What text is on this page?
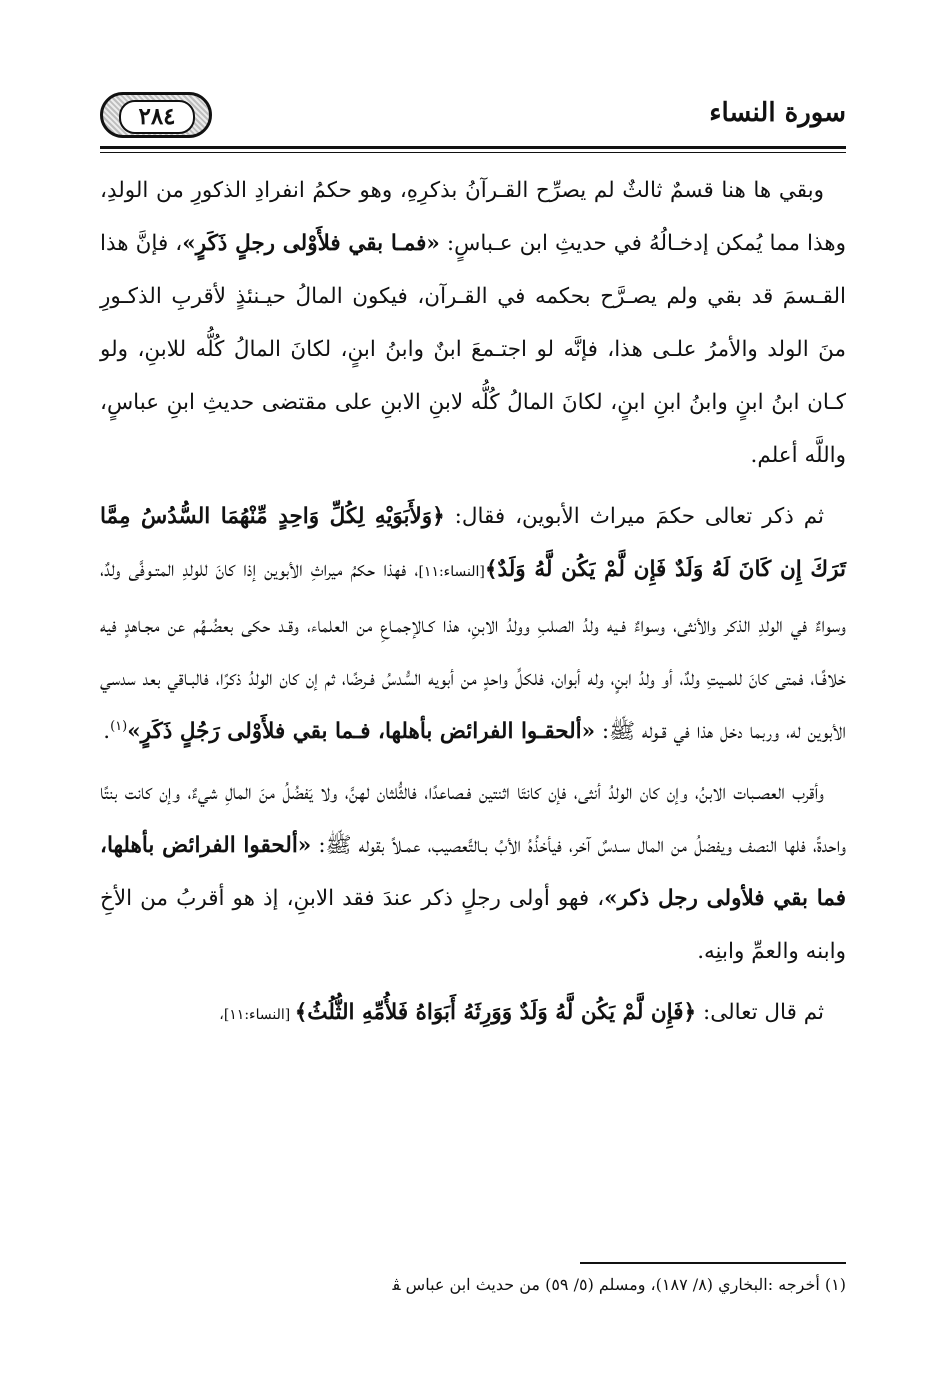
٢٨٤	سورة النساء

وبقي ها هنا قسمٌ ثالثٌ لم يصرِّح القـرآنُ بذكرِهِ، وهو حكمُ انفرادِ الذكورِ من الولدِ، وهذا مما يُمكن إدخـالُهُ في حديثِ ابن عـباسٍ: «فمـا بقي فلأَوْلى رجلٍ ذَكَرٍ»، فإنَّ هذا القـسمَ قد بقي ولم يصـرَّح بحكمه في القـرآن، فيكون المالُ حيـنئذٍ لأقربِ الذكـورِ منَ الولد والأمرُ علـى هذا، فإنَّه لو اجتـمعَ ابنٌ وابنُ ابنٍ، لكانَ المالُ كُلُّه للابنِ، ولو كـان ابنُ ابنٍ وابنُ ابنِ ابنٍ، لكانَ المالُ كُلُّه لابنِ الابنِ على مقتضى حديثِ ابنِ عباسٍ، واللَّه أعلم.

ثم ذكر تعالى حكمَ ميراث الأبوين، فقال: ﴿وَلأَبَوَيْهِ لِكُلِّ وَاحِدٍ مِّنْهُمَا السُّدُسُ مِمَّا تَرَكَ إِن كَانَ لَهُ وَلَدٌ فَإِن لَّمْ يَكُن لَّهُ وَلَدٌ﴾[النساء:١١]، فهذا حكمُ ميراثِ الأبوين إذا كانَ للولدِ المتـوفَّى ولدٌ، وسواءٌ في الولدِ الذكر والأنثى، وسواءٌ فـيه ولدُ الصلبِ وولدُ الابنِ، هذا كـالإجمـاعِ من العلماء، وقـد حكى بعضُـهُم عن مجـاهدٍ فيه خلافًـا، فمتى كانَ للمـيتِ ولدٌ، أو ولدُ ابنٍ، وله أبوان، فلكلِّ واحدٍ من أبويه السُّدسُ فـرضًا، ثم إن كان الولدُ ذكرًا، فالبـاقي بعد سدسي الأبوين له، وربما دخل هذا في قـوله ﷺ: «ألحقـوا الفرائض بأهلها، فـما بقي فلأَوْلى رَجُلٍ ذَكَرٍ»$^{(١)}$.

وأقرب العصـبات الابنُ، وإن كان الولدُ أنثى، فإن كانتَا اثنتين فـصاعدًا، فالثُّلثان لهنَّ، ولا يَفضُلُ منَ المالِ شيءٌ، وإن كانت بنتًا واحدةً، فلها النصف ويفضلُ من المال سـدسٌ آخر، فيأخذُهُ الأبُ بـالتَّعصيب، عمـلاً بقوله ﷺ: «ألحقوا الفرائض بأهلها، فما بقي فلأولى رجل ذكر»، فهو أولى رجلٍ ذكر عندَ فقد الابنِ، إذ هو أقربُ من الأخِ وابنه والعمِّ وابنِه.

ثم قال تعالى: ﴿فَإِن لَّمْ يَكُن لَّهُ وَلَدٌ وَوَرِثَهُ أَبَوَاهُ فَلأُمِّهِ الثُّلُثُ﴾ [النساء:١١]،

(١) أخرجه :البخاري (٨/ ١٨٧)، ومسلم (٥/ ٥٩) من حديث ابن عباس ﭭ
